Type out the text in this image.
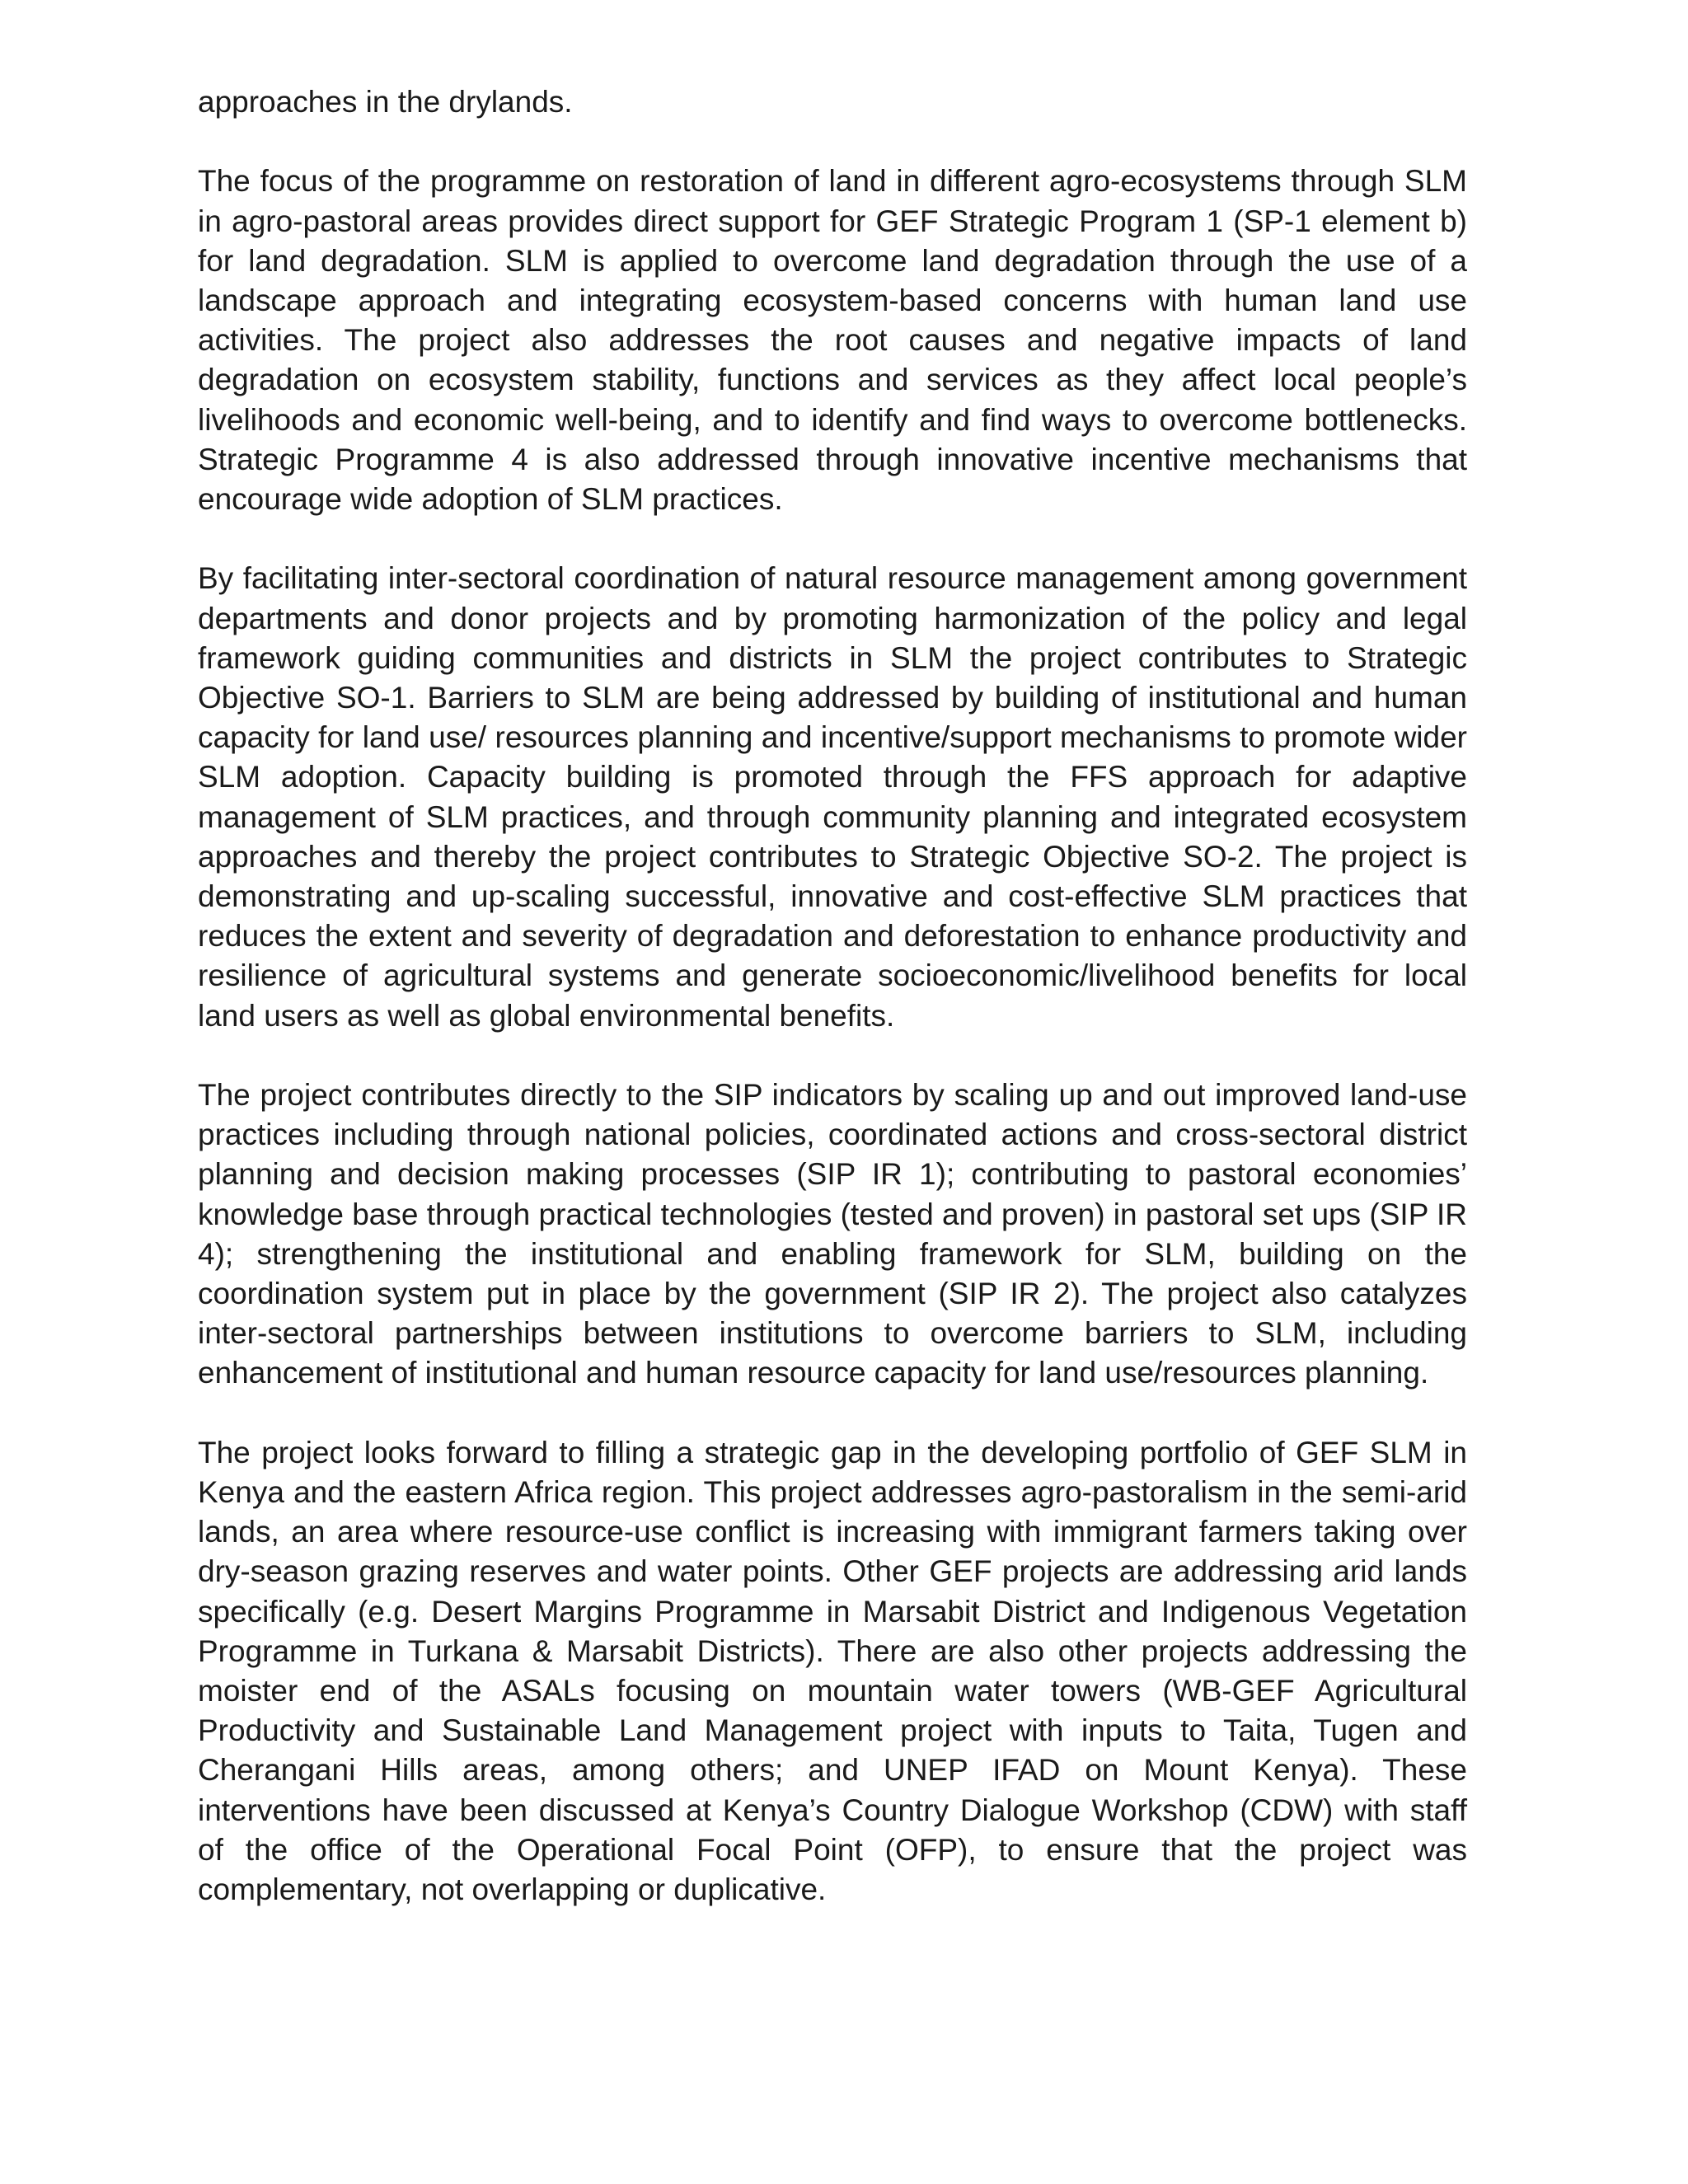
approaches in the drylands.

The focus of the programme on restoration of land in different agro-ecosystems through SLM in agro-pastoral areas provides direct support for GEF Strategic Program 1 (SP-1 element b) for land degradation. SLM is applied to overcome land degradation through the use of a landscape approach and integrating ecosystem-based concerns with human land use activities. The project also addresses the root causes and negative impacts of land degradation on ecosystem stability, functions and services as they affect local people’s livelihoods and economic well-being, and to identify and find ways to overcome bottlenecks. Strategic Programme 4 is also addressed through innovative incentive mechanisms that encourage wide adoption of SLM practices.

By facilitating inter-sectoral coordination of natural resource management among government departments and donor projects and by promoting harmonization of the policy and legal framework guiding communities and districts in SLM the project contributes to Strategic Objective SO-1. Barriers to SLM are being addressed by building of institutional and human capacity for land use/ resources planning and incentive/support mechanisms to promote wider SLM adoption. Capacity building is promoted through the FFS approach for adaptive management of SLM practices, and through community planning and integrated ecosystem approaches and thereby the project contributes to Strategic Objective SO-2. The project is demonstrating and up-scaling successful, innovative and cost-effective SLM practices that reduces the extent and severity of degradation and deforestation to enhance productivity and resilience of agricultural systems and generate socioeconomic/livelihood benefits for local land users as well as global environmental benefits.

The project contributes directly to the SIP indicators by scaling up and out improved land-use practices including through national policies, coordinated actions and cross-sectoral district planning and decision making processes (SIP IR 1); contributing to pastoral economies’ knowledge base through practical technologies (tested and proven) in pastoral set ups (SIP IR 4); strengthening the institutional and enabling framework for SLM, building on the coordination system put in place by the government (SIP IR 2). The project also catalyzes inter-sectoral partnerships between institutions to overcome barriers to SLM, including enhancement of institutional and human resource capacity for land use/resources planning.

The project looks forward to filling a strategic gap in the developing portfolio of GEF SLM in Kenya and the eastern Africa region. This project addresses agro-pastoralism in the semi-arid lands, an area where resource-use conflict is increasing with immigrant farmers taking over dry-season grazing reserves and water points. Other GEF projects are addressing arid lands specifically (e.g. Desert Margins Programme in Marsabit District and Indigenous Vegetation Programme in Turkana & Marsabit Districts). There are also other projects addressing the moister end of the ASALs focusing on mountain water towers (WB-GEF Agricultural Productivity and Sustainable Land Management project with inputs to Taita, Tugen and Cherangani Hills areas, among others; and UNEP IFAD on Mount Kenya). These interventions have been discussed at Kenya’s Country Dialogue Workshop (CDW) with staff of the office of the Operational Focal Point (OFP), to ensure that the project was complementary, not overlapping or duplicative.
